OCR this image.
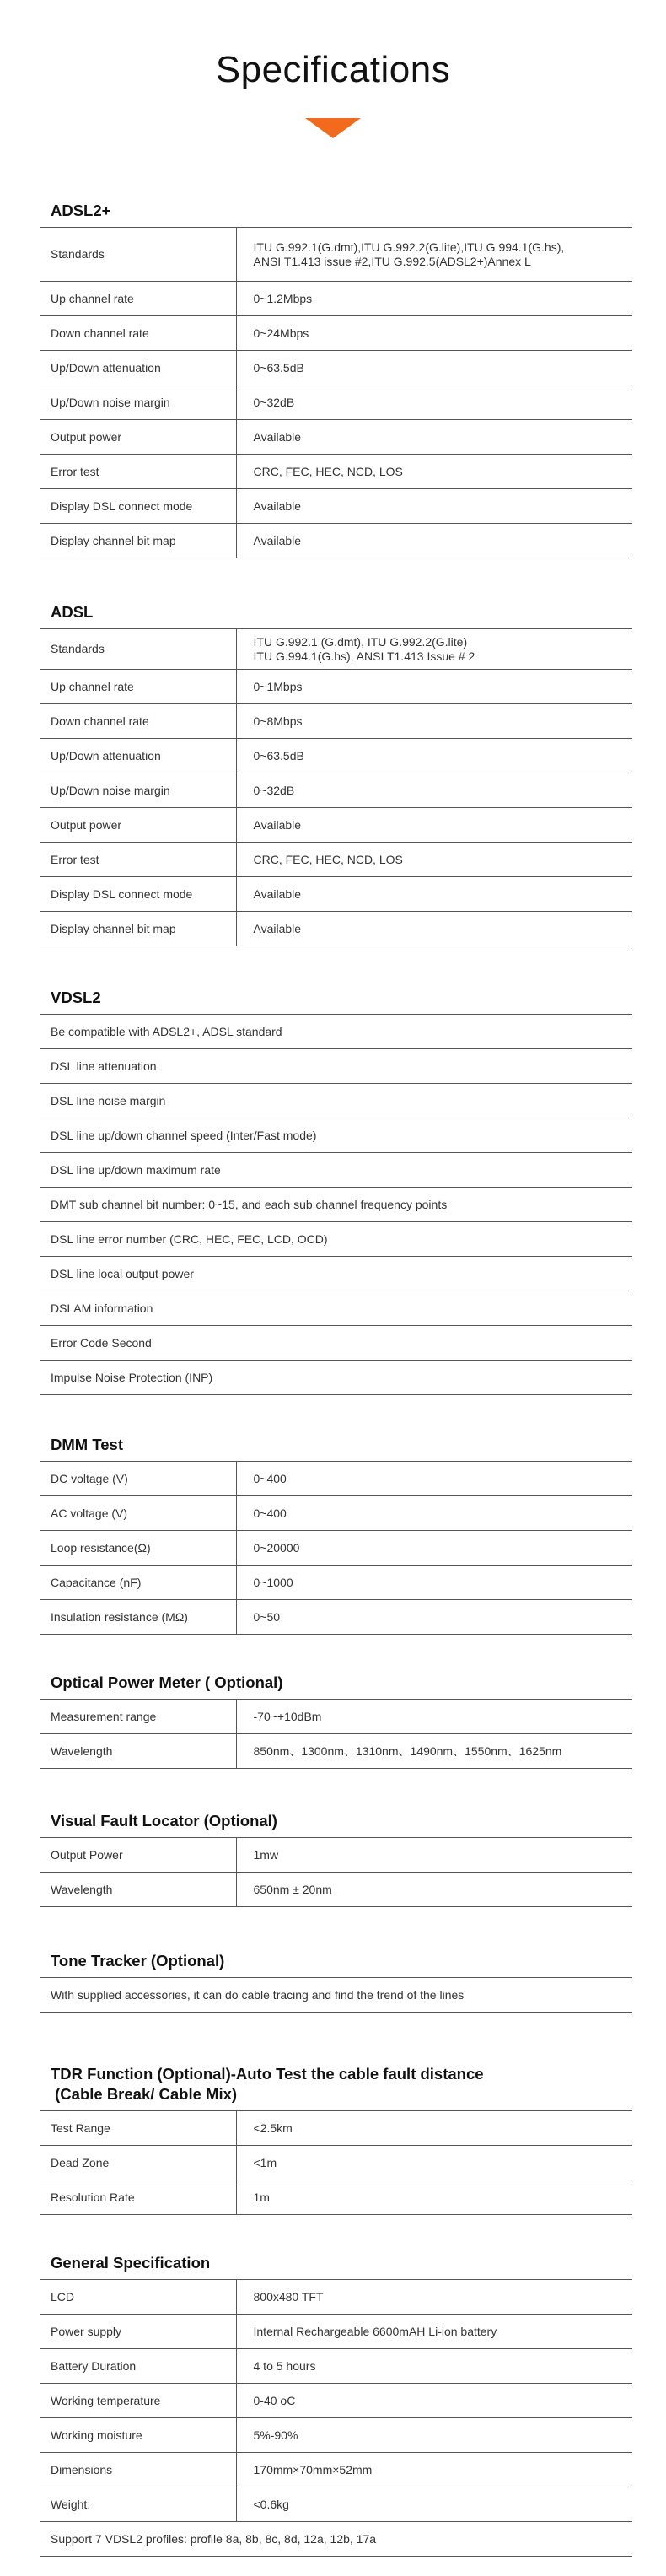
Specifications
ADSL2+
Standards	ITU G.992.1(G.dmt),ITU G.992.2(G.lite),ITU G.994.1(G.hs),
ANSI T1.413 issue #2,ITU G.992.5(ADSL2+)Annex L

Up channel rate	0~1.2Mbps

Down channel rate	0~24Mbps

Up/Down attenuation	0~63.5dB

Up/Down noise margin	0~32dB

Output power	Available

Error test	CRC, FEC, HEC, NCD, LOS

Display DSL connect mode	Available

Display channel bit map	Available
ADSL
Standards	ITU G.992.1 (G.dmt), ITU G.992.2(G.lite)
ITU G.994.1(G.hs), ANSI T1.413 Issue # 2

Up channel rate	0~1Mbps

Down channel rate	0~8Mbps

Up/Down attenuation	0~63.5dB

Up/Down noise margin	0~32dB

Output power	Available

Error test	CRC, FEC, HEC, NCD, LOS

Display DSL connect mode	Available

Display channel bit map	Available
VDSL2
Be compatible with ADSL2+, ADSL standard
DSL line attenuation
DSL line noise margin
DSL line up/down channel speed (Inter/Fast mode)
DSL line up/down maximum rate
DMT sub channel bit number: 0~15, and each sub channel frequency points
DSL line error number (CRC, HEC, FEC, LCD, OCD)
DSL line local output power
DSLAM information
Error Code Second
Impulse Noise Protection (INP)
DMM Test
DC voltage (V)	0~400

AC voltage (V)	0~400

Loop resistance(Ω)	0~20000

Capacitance (nF)	0~1000

Insulation resistance (MΩ)	0~50
Optical Power Meter ( Optional)
Measurement range	-70~+10dBm

Wavelength	850nm、1300nm、1310nm、1490nm、1550nm、1625nm
Visual Fault Locator (Optional)
Output Power	1mw

Wavelength	650nm ± 20nm
Tone Tracker (Optional)
With supplied accessories, it can do cable tracing and find the trend of the lines
TDR Function (Optional)-Auto Test the cable fault distance
(Cable Break/ Cable Mix)
Test Range	<2.5km

Dead Zone	<1m

Resolution Rate	1m
General Specification
LCD	800x480 TFT

Power supply	Internal Rechargeable 6600mAH Li-ion battery

Battery Duration	4 to 5 hours

Working temperature	0-40 oC

Working moisture	5%-90%

Dimensions	170mm×70mm×52mm

Weight:	<0.6kg

Support 7 VDSL2 profiles: profile 8a, 8b, 8c, 8d, 12a, 12b, 17a	
